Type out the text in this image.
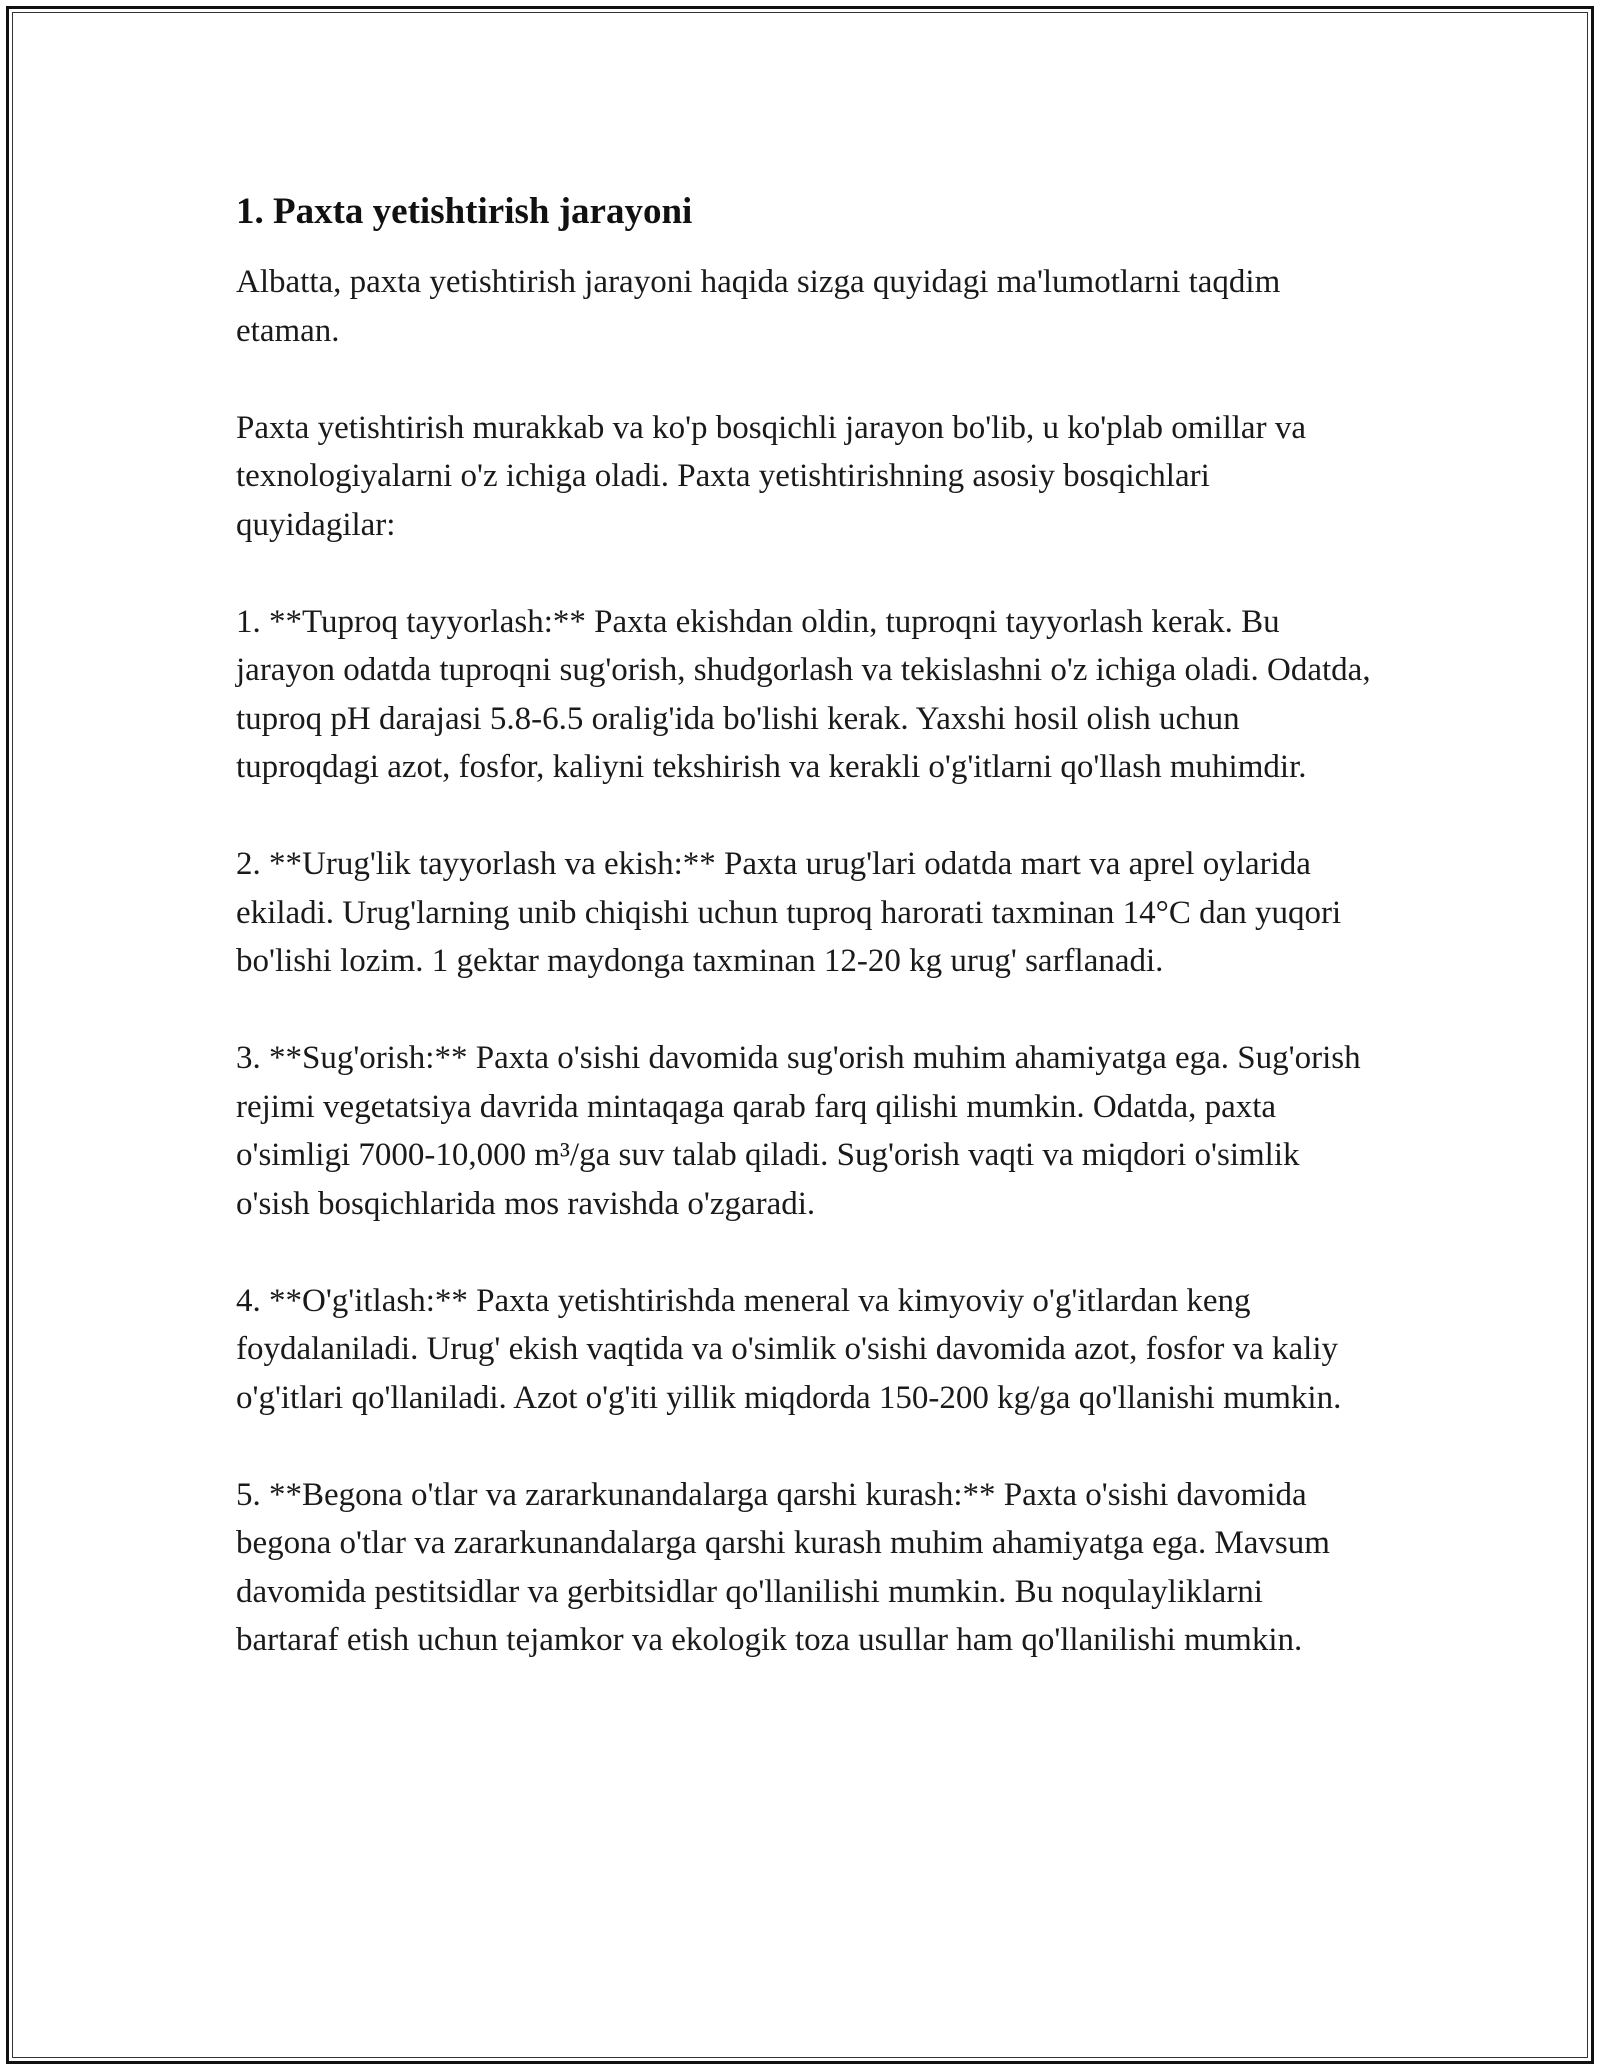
1. Paxta yetishtirish jarayoni

Albatta, paxta yetishtirish jarayoni haqida sizga quyidagi ma'lumotlarni taqdim etaman.

Paxta yetishtirish murakkab va ko'p bosqichli jarayon bo'lib, u ko'plab omillar va texnologiyalarni o'z ichiga oladi. Paxta yetishtirishning asosiy bosqichlari quyidagilar:

1. **Tuproq tayyorlash:** Paxta ekishdan oldin, tuproqni tayyorlash kerak. Bu jarayon odatda tuproqni sug'orish, shudgorlash va tekislashni o'z ichiga oladi. Odatda, tuproq pH darajasi 5.8-6.5 oralig'ida bo'lishi kerak. Yaxshi hosil olish uchun tuproqdagi azot, fosfor, kaliyni tekshirish va kerakli o'g'itlarni qo'llash muhimdir.

2. **Urug'lik tayyorlash va ekish:** Paxta urug'lari odatda mart va aprel oylarida ekiladi. Urug'larning unib chiqishi uchun tuproq harorati taxminan 14°C dan yuqori bo'lishi lozim. 1 gektar maydonga taxminan 12-20 kg urug' sarflanadi.

3. **Sug'orish:** Paxta o'sishi davomida sug'orish muhim ahamiyatga ega. Sug'orish rejimi vegetatsiya davrida mintaqaga qarab farq qilishi mumkin. Odatda, paxta o'simligi 7000-10,000 m³/ga suv talab qiladi. Sug'orish vaqti va miqdori o'simlik o'sish bosqichlarida mos ravishda o'zgaradi.

4. **O'g'itlash:** Paxta yetishtirishda meneral va kimyoviy o'g'itlardan keng foydalaniladi. Urug' ekish vaqtida va o'simlik o'sishi davomida azot, fosfor va kaliy o'g'itlari qo'llaniladi. Azot o'g'iti yillik miqdorda 150-200 kg/ga qo'llanishi mumkin.

5. **Begona o'tlar va zararkunandalarga qarshi kurash:** Paxta o'sishi davomida begona o'tlar va zararkunandalarga qarshi kurash muhim ahamiyatga ega. Mavsum davomida pestitsidlar va gerbitsidlar qo'llanilishi mumkin. Bu noqulayliklarni bartaraf etish uchun tejamkor va ekologik toza usullar ham qo'llanilishi mumkin.
